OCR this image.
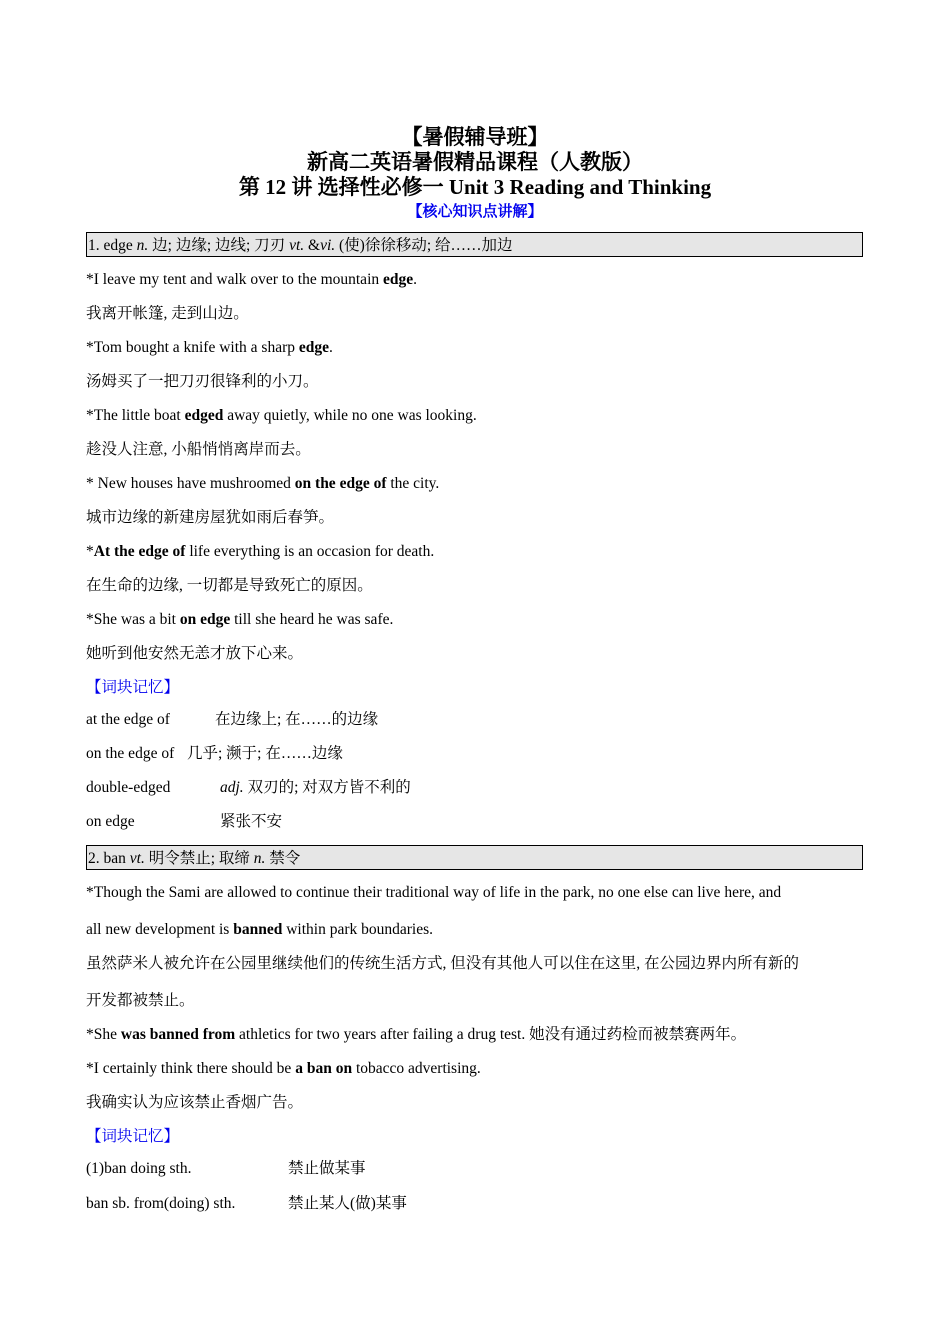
【暑假辅导班】
新高二英语暑假精品课程（人教版）
第 12 讲 选择性必修一 Unit 3 Reading and Thinking
【核心知识点讲解】
1. edge n. 边; 边缘; 边线; 刀刃 vt. &vi. (使)徐徐移动; 给……加边
*I leave my tent and walk over to the mountain edge.
我离开帐篷, 走到山边。
*Tom bought a knife with a sharp edge.
汤姆买了一把刀刃很锋利的小刀。
*The little boat edged away quietly, while no one was looking.
趁没人注意, 小船悄悄离岸而去。
* New houses have mushroomed on the edge of the city.
城市边缘的新建房屋犹如雨后春笋。
*At the edge of life everything is an occasion for death.
在生命的边缘, 一切都是导致死亡的原因。
*She was a bit on edge till she heard he was safe.
她听到他安然无恙才放下心来。
【词块记忆】
at the edge of	在边缘上; 在……的边缘
on the edge of 几乎; 濒于; 在……边缘
double-edged	adj. 双刃的; 对双方皆不利的
on edge	紧张不安
2. ban vt. 明令禁止; 取缔 n. 禁令
*Though the Sami are allowed to continue their traditional way of life in the park, no one else can live here, and
all new development is banned within park boundaries.
虽然萨米人被允许在公园里继续他们的传统生活方式, 但没有其他人可以住在这里, 在公园边界内所有新的
开发都被禁止。
*She was banned from athletics for two years after failing a drug test. 她没有通过药检而被禁赛两年。
*I certainly think there should be a ban on tobacco advertising.
我确实认为应该禁止香烟广告。
【词块记忆】
(1)ban doing sth.	禁止做某事
ban sb. from(doing) sth.	禁止某人(做)某事
